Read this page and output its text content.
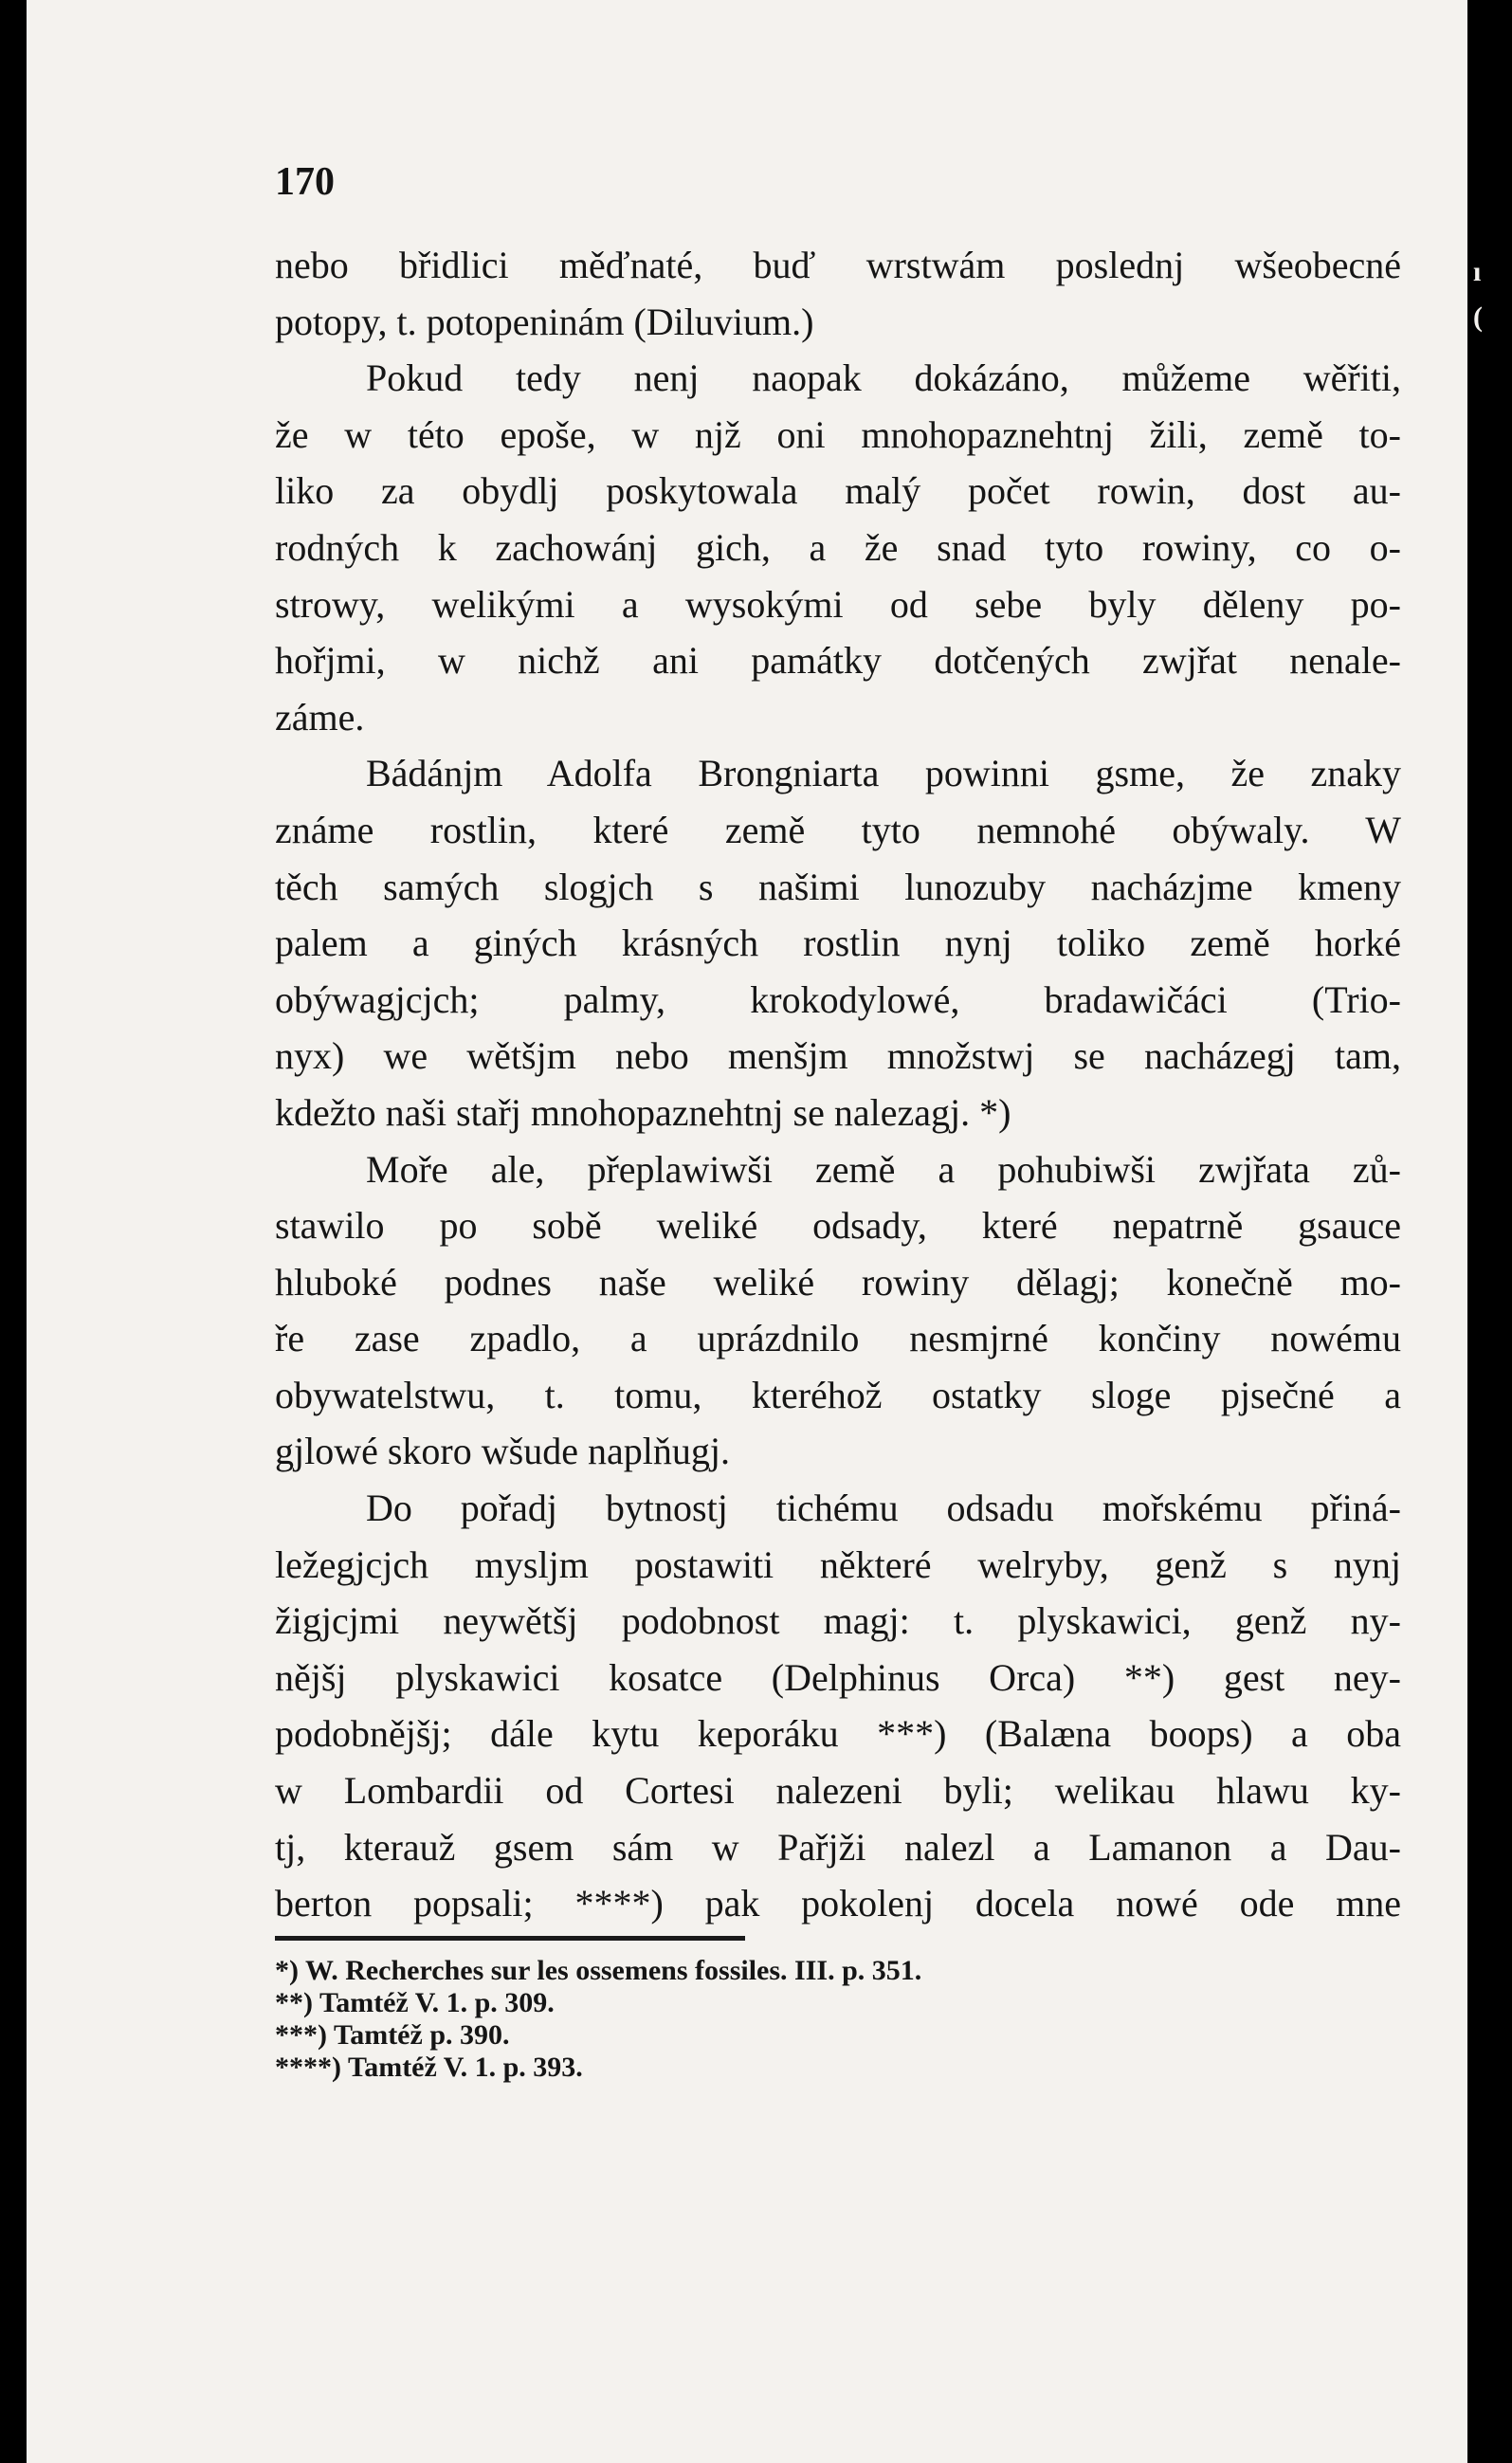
170
nebo břidlici měďnaté, buď wrstwám poslednj wšeobecné
potopy, t. potopeninám (Diluvium.)
Pokud tedy nenj naopak dokázáno, můžeme wěřiti,
že w této epoše, w njž oni mnohopaznehtnj žili, země to-
liko za obydlj poskytowala malý počet rowin, dost au-
rodných k zachowánj gich, a že snad tyto rowiny, co o-
strowy, welikými a wysokými od sebe byly děleny po-
hořjmi, w nichž ani památky dotčených zwjřat nenale-
záme.
Bádánjm Adolfa Brongniarta powinni gsme, že znaky
známe rostlin, které země tyto nemnohé obýwaly. W
těch samých slogjch s našimi lunozuby nacházjme kmeny
palem a giných krásných rostlin nynj toliko země horké
obýwagjcjch; palmy, krokodylowé, bradawičáci (Trio-
nyx) we wětšjm nebo menšjm množstwj se nacházegj tam,
kdežto naši stařj mnohopaznehtnj se nalezagj. *)
Moře ale, přeplawiwši země a pohubiwši zwjřata zů-
stawilo po sobě weliké odsady, které nepatrně gsauce
hluboké podnes naše weliké rowiny dělagj; konečně mo-
ře zase zpadlo, a uprázdnilo nesmjrné končiny nowému
obywatelstwu, t. tomu, kteréhož ostatky sloge pjsečné a
gjlowé skoro wšude naplňugj.
Do pořadj bytnostj tichému odsadu mořskému přiná-
ležegjcjch mysljm postawiti některé welryby, genž s nynj
žigjcjmi neywětšj podobnost magj: t. plyskawici, genž ny-
nějšj plyskawici kosatce (Delphinus Orca) **) gest ney-
podobnějšj; dále kytu keporáku ***) (Balæna boops) a oba
w Lombardii od Cortesi nalezeni byli; welikau hlawu ky-
tj, kterauž gsem sám w Pařjži nalezl a Lamanon a Dau-
berton popsali; ****) pak pokolenj docela nowé ode mne
*) W. Recherches sur les ossemens fossiles. III. p. 351.
**) Tamtéž V. 1. p. 309.
***) Tamtéž p. 390.
****) Tamtéž V. 1. p. 393.
ı
(
